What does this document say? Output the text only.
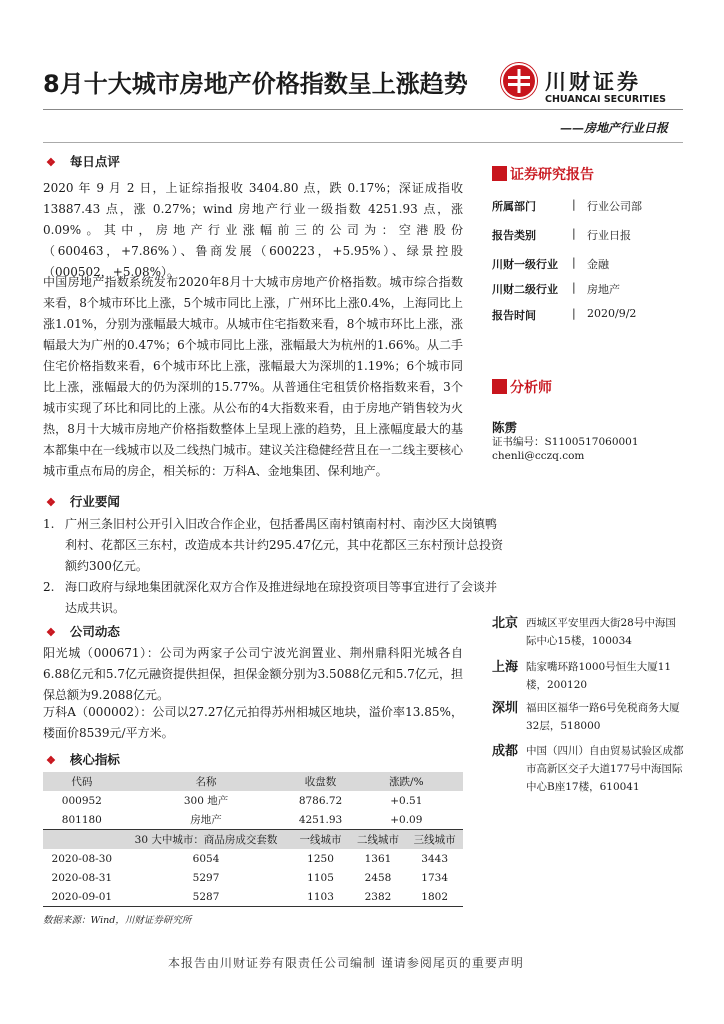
8月十大城市房地产价格指数呈上涨趋势	川财证券
CHUANCAI SECURITIES
——房地产行业日报
❖ 每日点评
2020 年 9 月 2 日，上证综指报收 3404.80 点，跌 0.17%；深证成指收 13887.43 点，涨 0.27%；wind 房地产行业一级指数 4251.93 点，涨 0.09%。其中，房地产行业涨幅前三的公司为：空港股份（600463，+7.86%）、鲁商发展（600223，+5.95%）、绿景控股（000502，+5.08%）。
中国房地产指数系统发布2020年8月十大城市房地产价格指数。城市综合指数来看，8个城市环比上涨，5个城市同比上涨，广州环比上涨0.4%，上海同比上涨1.01%，分别为涨幅最大城市。从城市住宅指数来看，8个城市环比上涨，涨幅最大为广州的0.47%；6个城市同比上涨，涨幅最大为杭州的1.66%。从二手住宅价格指数来看，6个城市环比上涨，涨幅最大为深圳的1.19%；6个城市同比上涨，涨幅最大的仍为深圳的15.77%。从普通住宅租赁价格指数来看，3个城市实现了环比和同比的上涨。从公布的4大指数来看，由于房地产销售较为火热，8月十大城市房地产价格指数整体上呈现上涨的趋势，且上涨幅度最大的基本都集中在一线城市以及二线热门城市。建议关注稳健经营且在一二线主要核心城市重点布局的房企，相关标的：万科A、金地集团、保利地产。
❖ 行业要闻
1. 广州三条旧村公开引入旧改合作企业，包括番禺区南村镇南村村、南沙区大岗镇鸭利村、花都区三东村，改造成本共计约295.47亿元，其中花都区三东村预计总投资额约300亿元。
2. 海口政府与绿地集团就深化双方合作及推进绿地在琼投资项目等事宜进行了会谈并达成共识。
❖ 公司动态
阳光城（000671）：公司为两家子公司宁波光润置业、荆州鼎科阳光城各自6.88亿元和5.7亿元融资提供担保，担保金额分别为3.5088亿元和5.7亿元，担保总额为9.2088亿元。
万科A（000002）：公司以27.27亿元拍得苏州相城区地块，溢价率13.85%，楼面价8539元/平方米。
❖ 核心指标
代码	名称	收盘数	涨跌/%	
000952	300 地产	8786.72	+0.51	
801180	房地产	4251.93	+0.09	
	30 大中城市：商品房成交套数	一线城市	二线城市	三线城市
2020-08-30	6054	1250	1361	3443
2020-08-31	5297	1105	2458	1734
2020-09-01	5287	1103	2382	1802
数据来源：Wind，川财证券研究所
证券研究报告
所属部门	| 行业公司部
报告类别	| 行业日报
川财一级行业 | 金融
川财二级行业 | 房地产
报告时间	| 2020/9/2
分析师
陈雳
证书编号：S1100517060001
chenli@cczq.com
北京 西城区平安里西大街28号中海国际中心15楼，100034
上海 陆家嘴环路1000号恒生大厦11楼，200120
深圳 福田区福华一路6号免税商务大厦32层，518000
成都 中国（四川）自由贸易试验区成都市高新区交子大道177号中海国际中心B座17楼，610041
本报告由川财证券有限责任公司编制 谨请参阅尾页的重要声明
